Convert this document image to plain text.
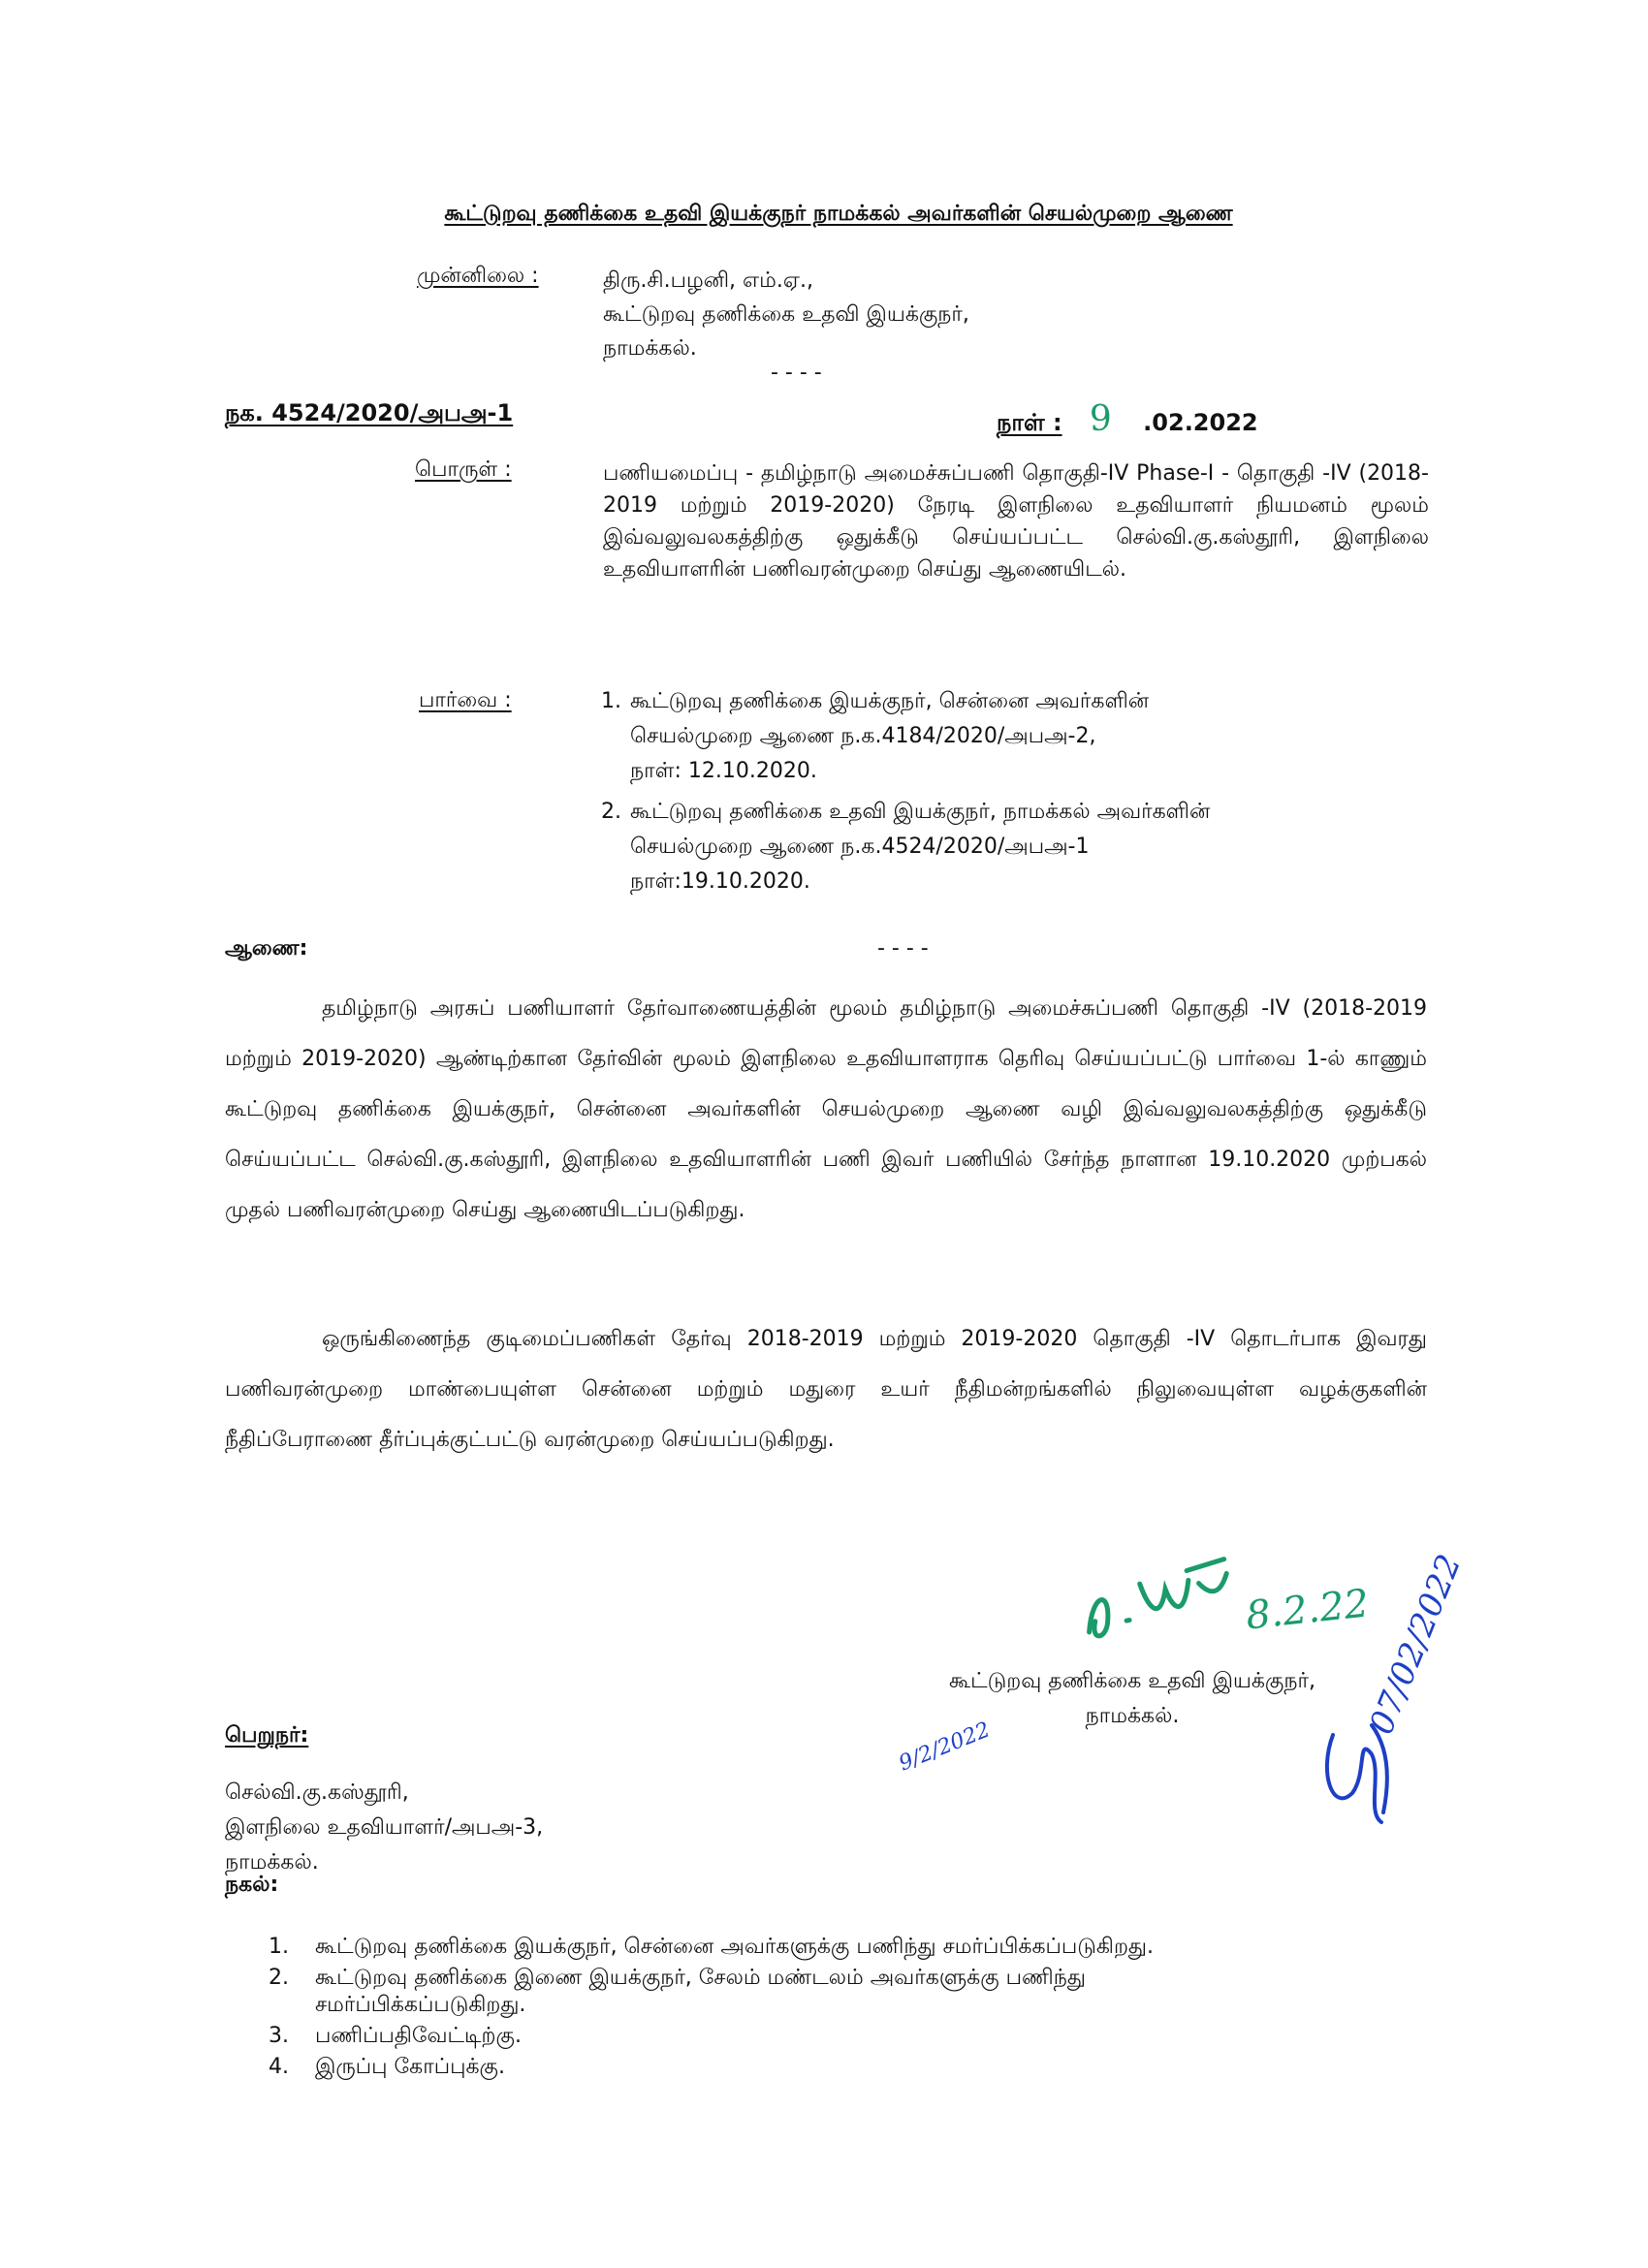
கூட்டுறவு தணிக்கை உதவி இயக்குநர் நாமக்கல் அவர்களின் செயல்முறை ஆணை
முன்னிலை :	திரு.சி.பழனி, எம்.ஏ.,
கூட்டுறவு தணிக்கை உதவி இயக்குநர்,
நாமக்கல்.
- - - -
நக. 4524/2020/அபஅ-1	நாள் : 9 .02.2022
பொருள் :	பணியமைப்பு - தமிழ்நாடு அமைச்சுப்பணி தொகுதி-IV Phase-I - தொகுதி -IV (2018-2019 மற்றும் 2019-2020) நேரடி இளநிலை உதவியாளர் நியமனம் மூலம் இவ்வலுவலகத்திற்கு ஒதுக்கீடு செய்யப்பட்ட செல்வி.கு.கஸ்தூரி, இளநிலை உதவியாளரின் பணிவரன்முறை செய்து ஆணையிடல்.
பார்வை :	1. கூட்டுறவு தணிக்கை இயக்குநர், சென்னை அவர்களின்
செயல்முறை ஆணை ந.க.4184/2020/அபஅ-2,
நாள்: 12.10.2020.
2. கூட்டுறவு தணிக்கை உதவி இயக்குநர், நாமக்கல் அவர்களின்
செயல்முறை ஆணை ந.க.4524/2020/அபஅ-1
நாள்:19.10.2020.
ஆணை:	- - - -
தமிழ்நாடு அரசுப் பணியாளர் தேர்வாணையத்தின் மூலம் தமிழ்நாடு அமைச்சுப்பணி தொகுதி -IV (2018-2019 மற்றும் 2019-2020) ஆண்டிற்கான தேர்வின் மூலம் இளநிலை உதவியாளராக தெரிவு செய்யப்பட்டு பார்வை 1-ல் காணும் கூட்டுறவு தணிக்கை இயக்குநர், சென்னை அவர்களின் செயல்முறை ஆணை வழி இவ்வலுவலகத்திற்கு ஒதுக்கீடு செய்யப்பட்ட செல்வி.கு.கஸ்தூரி, இளநிலை உதவியாளரின் பணி இவர் பணியில் சேர்ந்த நாளான 19.10.2020 முற்பகல் முதல் பணிவரன்முறை செய்து ஆணையிடப்படுகிறது.
ஒருங்கிணைந்த குடிமைப்பணிகள் தேர்வு 2018-2019 மற்றும் 2019-2020 தொகுதி -IV தொடர்பாக இவரது பணிவரன்முறை மாண்பையுள்ள சென்னை மற்றும் மதுரை உயர் நீதிமன்றங்களில் நிலுவையுள்ள வழக்குகளின் நீதிப்பேராணை தீர்ப்புக்குட்பட்டு வரன்முறை செய்யப்படுகிறது.
8.2.22
கூட்டுறவு தணிக்கை உதவி இயக்குநர்,
நாமக்கல்.
9/2/2022
07/02/2022
பெறுநர்:
செல்வி.கு.கஸ்தூரி,
இளநிலை உதவியாளர்/அபஅ-3,
நாமக்கல்.
நகல்:
1. கூட்டுறவு தணிக்கை இயக்குநர், சென்னை அவர்களுக்கு பணிந்து சமர்ப்பிக்கப்படுகிறது.
2. கூட்டுறவு தணிக்கை இணை இயக்குநர், சேலம் மண்டலம் அவர்களுக்கு பணிந்து
சமர்ப்பிக்கப்படுகிறது.
3. பணிப்பதிவேட்டிற்கு.
4. இருப்பு கோப்புக்கு.
